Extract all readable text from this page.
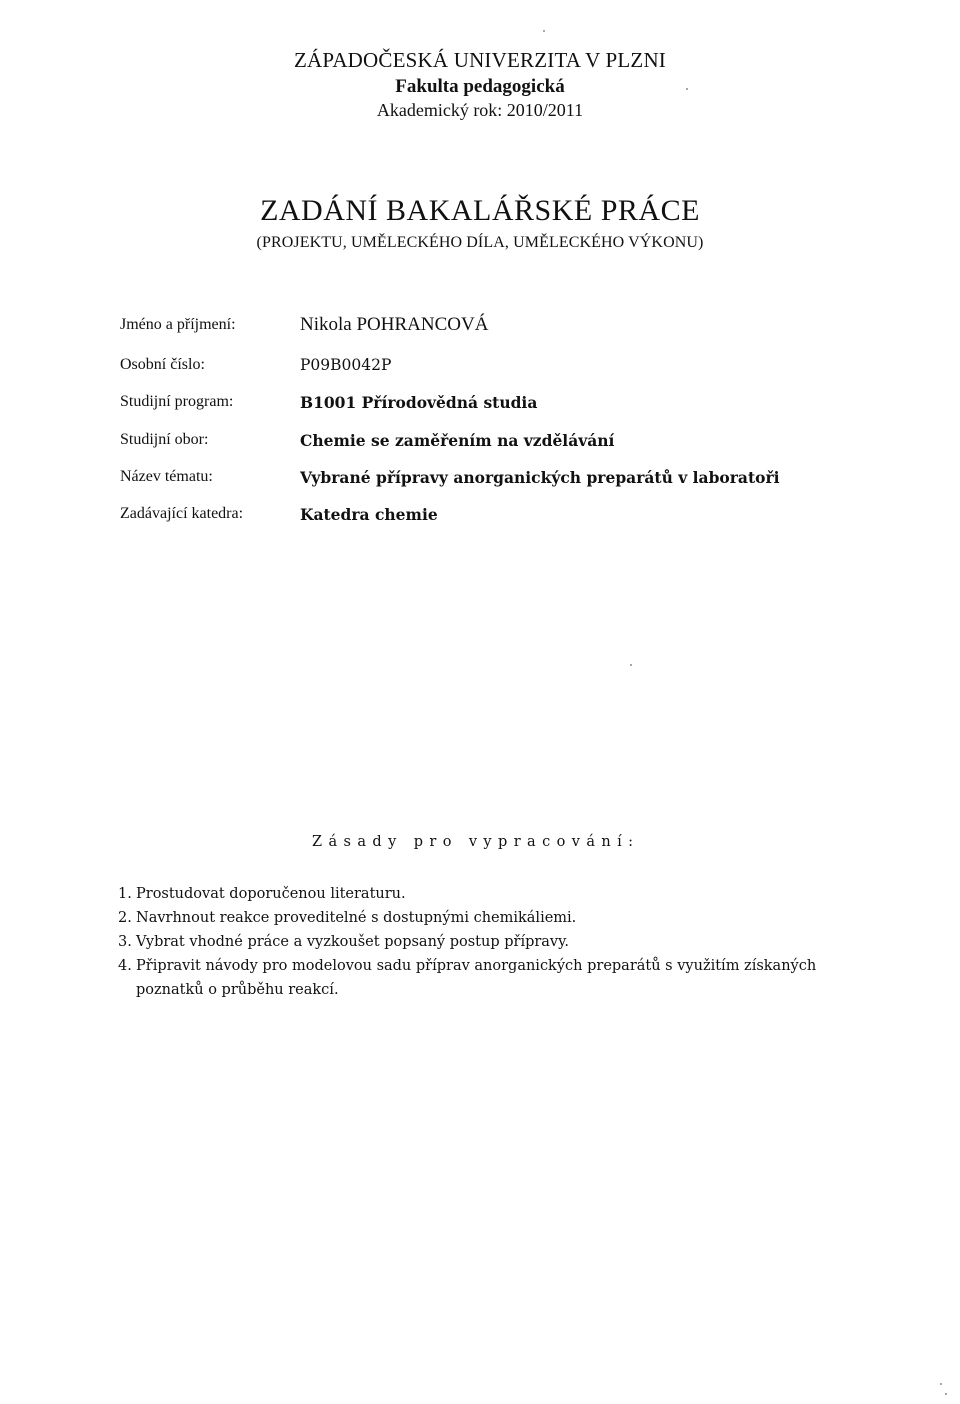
ZÁPADOČESKÁ UNIVERZITA V PLZNI
Fakulta pedagogická
Akademický rok: 2010/2011
ZADÁNÍ BAKALÁŘSKÉ PRÁCE
(PROJEKTU, UMĚLECKÉHO DÍLA, UMĚLECKÉHO VÝKONU)
Jméno a příjmení:	Nikola POHRANCOVÁ
Osobní číslo:	P09B0042P
Studijní program:	B1001 Přírodovědná studia
Studijní obor:	Chemie se zaměřením na vzdělávání
Název tématu:	Vybrané přípravy anorganických preparátů v laboratoři
Zadávající katedra:	Katedra chemie
Zásady pro vypracování:
1. Prostudovat doporučenou literaturu.
2. Navrhnout reakce proveditelné s dostupnými chemikáliemi.
3. Vybrat vhodné práce a vyzkoušet popsaný postup přípravy.
4. Připravit návody pro modelovou sadu příprav anorganických preparátů s využitím získaných poznatků o průběhu reakcí.
